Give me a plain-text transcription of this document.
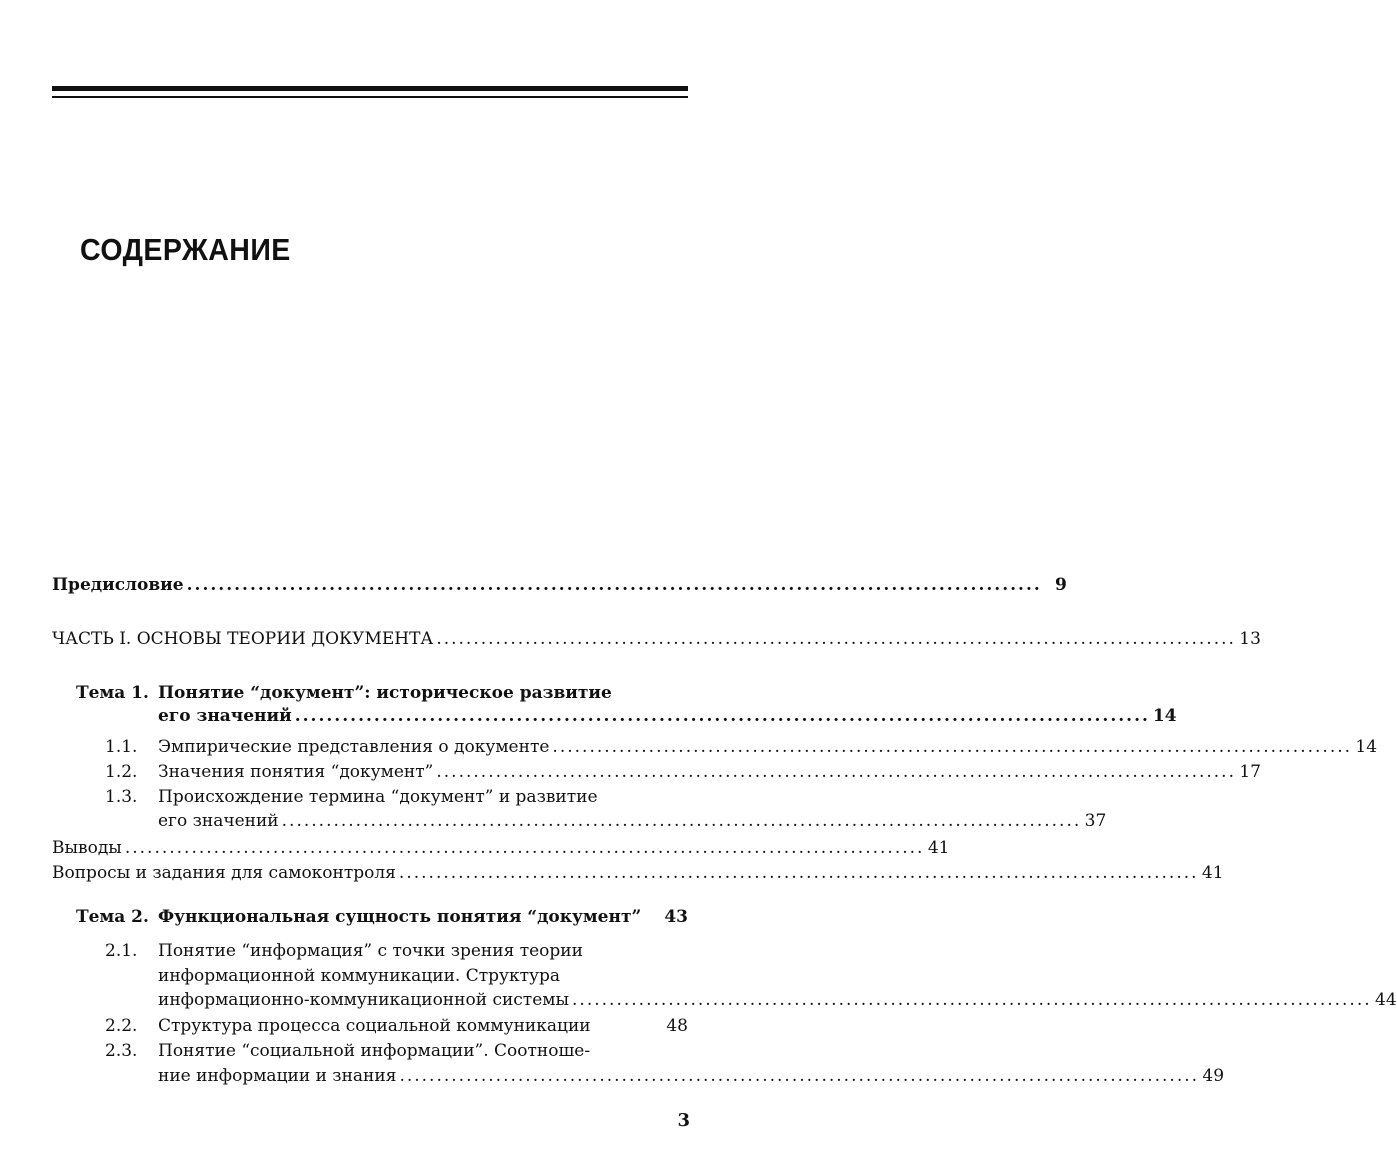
СОДЕРЖАНИЕ
Предисловие ............................................................................................................ 9
ЧАСТЬ I. ОСНОВЫ ТЕОРИИ ДОКУМЕНТА ............................................................................................................ 13
Тема 1. Понятие “документ”: историческое развитие
его значений ............................................................................................................ 14
1.1.	Эмпирические представления о документе ............................................................................................................ 14
1.2.	Значения понятия “документ” ............................................................................................................ 17
1.3. Происхождение термина “документ” и развитие
его значений ............................................................................................................ 37
Выводы ............................................................................................................ 41
Вопросы и задания для самоконтроля ............................................................................................................ 41
Тема 2. Функциональная сущность понятия “документ” 43
2.1. Понятие “информация” с точки зрения теории
информационной коммуникации. Структура
информационно-коммуникационной системы ............................................................................................................ 44
2.2.	Структура процесса социальной коммуникации	48
2.3. Понятие “социальной информации”. Соотноше-
ние информации и знания ............................................................................................................ 49
3
